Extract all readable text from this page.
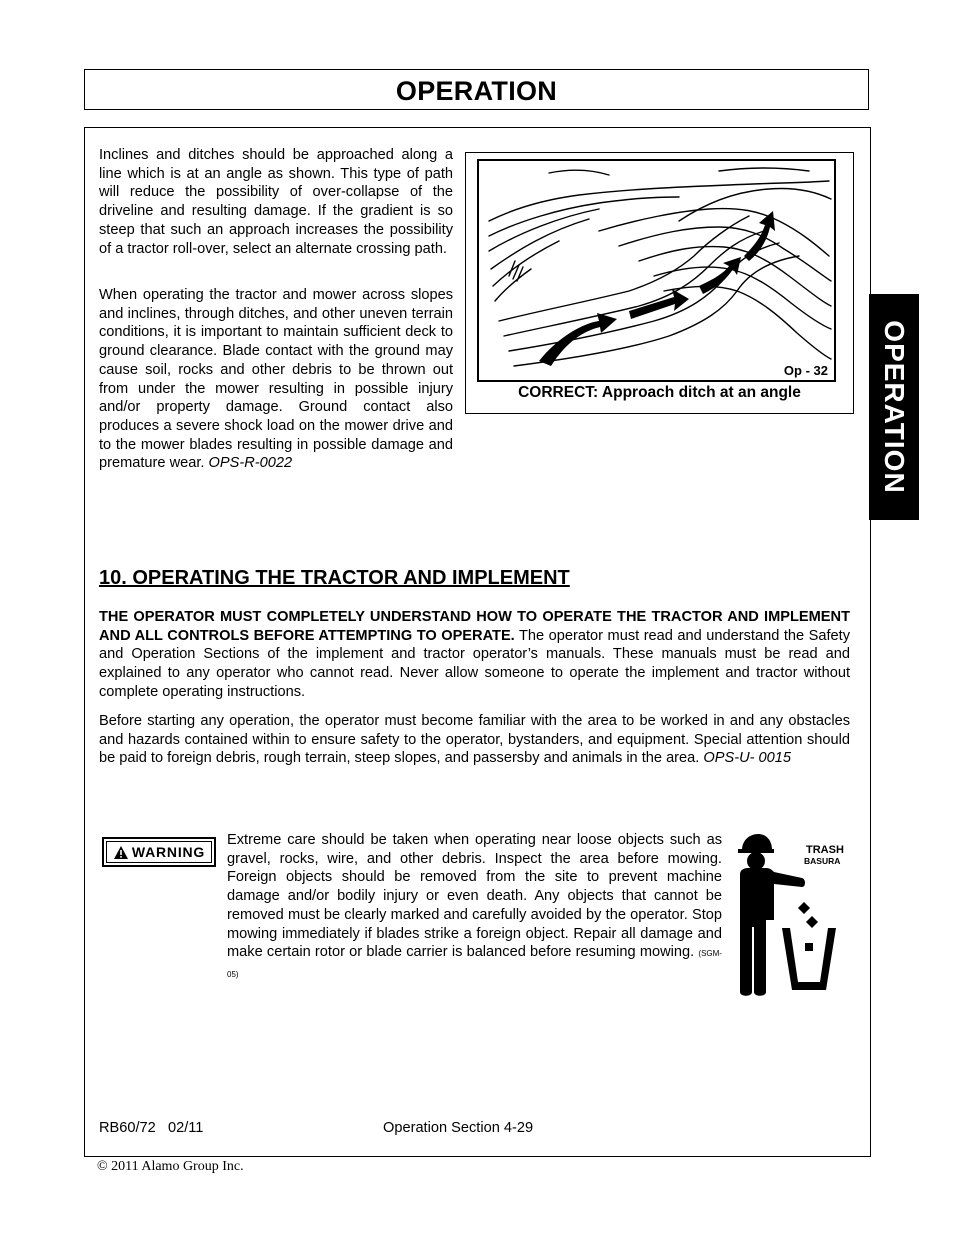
OPERATION
OPERATION

Inclines and ditches should be approached along a line which is at an angle as shown. This type of path will reduce the possibility of over-collapse of the driveline and resulting damage. If the gradient is so steep that such an approach increases the possibility of a tractor roll-over, select an alternate crossing path.

When operating the tractor and mower across slopes and inclines, through ditches, and other uneven terrain conditions, it is important to maintain sufficient deck to ground clearance. Blade contact with the ground may cause soil, rocks and other debris to be thrown out from under the mower resulting in possible injury and/or property damage. Ground contact also produces a severe shock load on the mower drive and to the mower blades resulting in possible damage and premature wear. OPS-R-0022

Op - 32
CORRECT: Approach ditch at an angle
10. OPERATING THE TRACTOR AND IMPLEMENT

THE OPERATOR MUST COMPLETELY UNDERSTAND HOW TO OPERATE THE TRACTOR AND IMPLEMENT AND ALL CONTROLS BEFORE ATTEMPTING TO OPERATE. The operator must read and understand the Safety and Operation Sections of the implement and tractor operator’s manuals. These manuals must be read and explained to any operator who cannot read. Never allow someone to operate the implement and tractor without complete operating instructions.

Before starting any operation, the operator must become familiar with the area to be worked in and any obstacles and hazards contained within to ensure safety to the operator, bystanders, and equipment. Special attention should be paid to foreign debris, rough terrain, steep slopes, and passersby and animals in the area. OPS-U- 0015

WARNING

Extreme care should be taken when operating near loose objects such as gravel, rocks, wire, and other debris. Inspect the area before mowing. Foreign objects should be removed from the site to prevent machine damage and/or bodily injury or even death. Any objects that cannot be removed must be clearly marked and carefully avoided by the operator. Stop mowing immediately if blades strike a foreign object. Repair all damage and make certain rotor or blade carrier is balanced before resuming mowing. (SGM-05)

TRASH
BASURA
RB60/72   02/11	Operation Section 4-29
© 2011 Alamo Group Inc.
